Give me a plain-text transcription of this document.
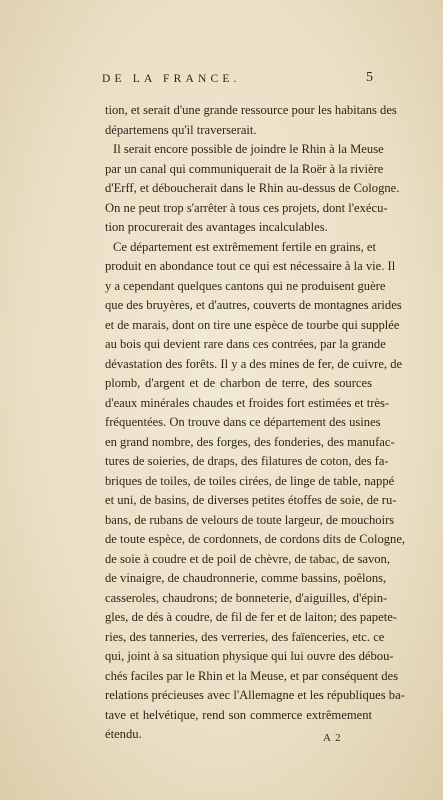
DE LA FRANCE.	5
tion, et serait d'une grande ressource pour les habitans des
départemens qu'il traverserait.
Il serait encore possible de joindre le Rhin à la Meuse
par un canal qui communiquerait de la Roër à la rivière
d'Erff, et déboucherait dans le Rhin au-dessus de Cologne.
On ne peut trop s'arrêter à tous ces projets, dont l'exécu-
tion procurerait des avantages incalculables.
Ce département est extrêmement fertile en grains, et
produit en abondance tout ce qui est nécessaire à la vie. Il
y a cependant quelques cantons qui ne produisent guère
que des bruyères, et d'autres, couverts de montagnes arides
et de marais, dont on tire une espèce de tourbe qui supplée
au bois qui devient rare dans ces contrées, par la grande
dévastation des forêts. Il y a des mines de fer, de cuivre, de
plomb, d'argent et de charbon de terre, des sources
d'eaux minérales chaudes et froides fort estimées et très-
fréquentées. On trouve dans ce département des usines
en grand nombre, des forges, des fonderies, des manufac-
tures de soieries, de draps, des filatures de coton, des fa-
briques de toiles, de toiles cirées, de linge de table, nappé
et uni, de basins, de diverses petites étoffes de soie, de ru-
bans, de rubans de velours de toute largeur, de mouchoirs
de toute espèce, de cordonnets, de cordons dits de Cologne,
de soie à coudre et de poil de chèvre, de tabac, de savon,
de vinaigre, de chaudronnerie, comme bassins, poêlons,
casseroles, chaudrons; de bonneterie, d'aiguilles, d'épin-
gles, de dés à coudre, de fil de fer et de laiton; des papete-
ries, des tanneries, des verreries, des faïenceries, etc. ce
qui, joint à sa situation physique qui lui ouvre des débou-
chés faciles par le Rhin et la Meuse, et par conséquent des
relations précieuses avec l'Allemagne et les républiques ba-
tave et helvétique, rend son commerce extrêmement
étendu.	A 2
